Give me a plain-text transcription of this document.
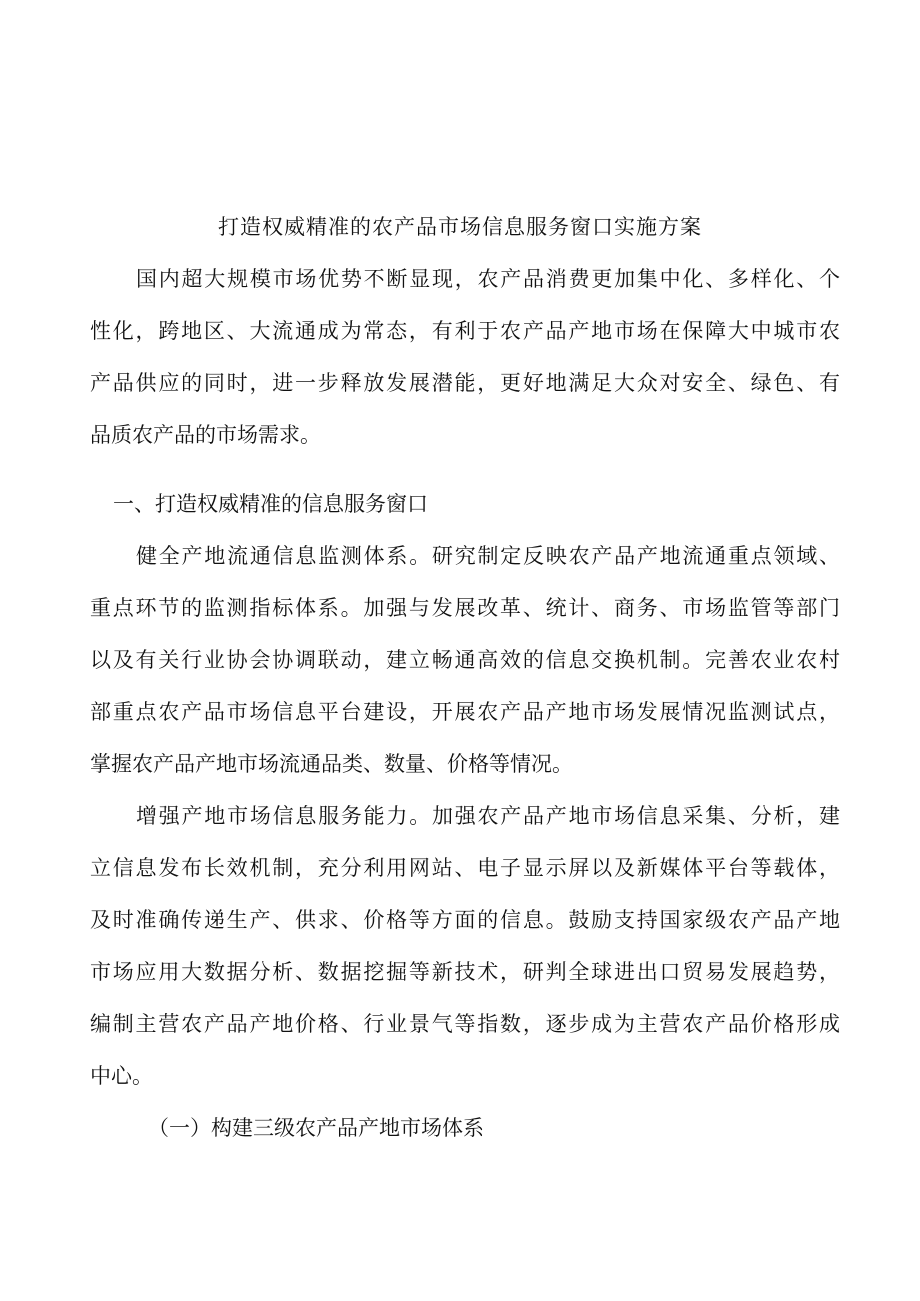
打造权威精准的农产品市场信息服务窗口实施方案
国内超大规模市场优势不断显现，农产品消费更加集中化、多样化、个
性化，跨地区、大流通成为常态，有利于农产品产地市场在保障大中城市农
产品供应的同时，进一步释放发展潜能，更好地满足大众对安全、绿色、有
品质农产品的市场需求。
一、打造权威精准的信息服务窗口
健全产地流通信息监测体系。研究制定反映农产品产地流通重点领域、
重点环节的监测指标体系。加强与发展改革、统计、商务、市场监管等部门
以及有关行业协会协调联动，建立畅通高效的信息交换机制。完善农业农村
部重点农产品市场信息平台建设，开展农产品产地市场发展情况监测试点，
掌握农产品产地市场流通品类、数量、价格等情况。
增强产地市场信息服务能力。加强农产品产地市场信息采集、分析，建
立信息发布长效机制，充分利用网站、电子显示屏以及新媒体平台等载体，
及时准确传递生产、供求、价格等方面的信息。鼓励支持国家级农产品产地
市场应用大数据分析、数据挖掘等新技术，研判全球进出口贸易发展趋势，
编制主营农产品产地价格、行业景气等指数，逐步成为主营农产品价格形成
中心。
（一）构建三级农产品产地市场体系
